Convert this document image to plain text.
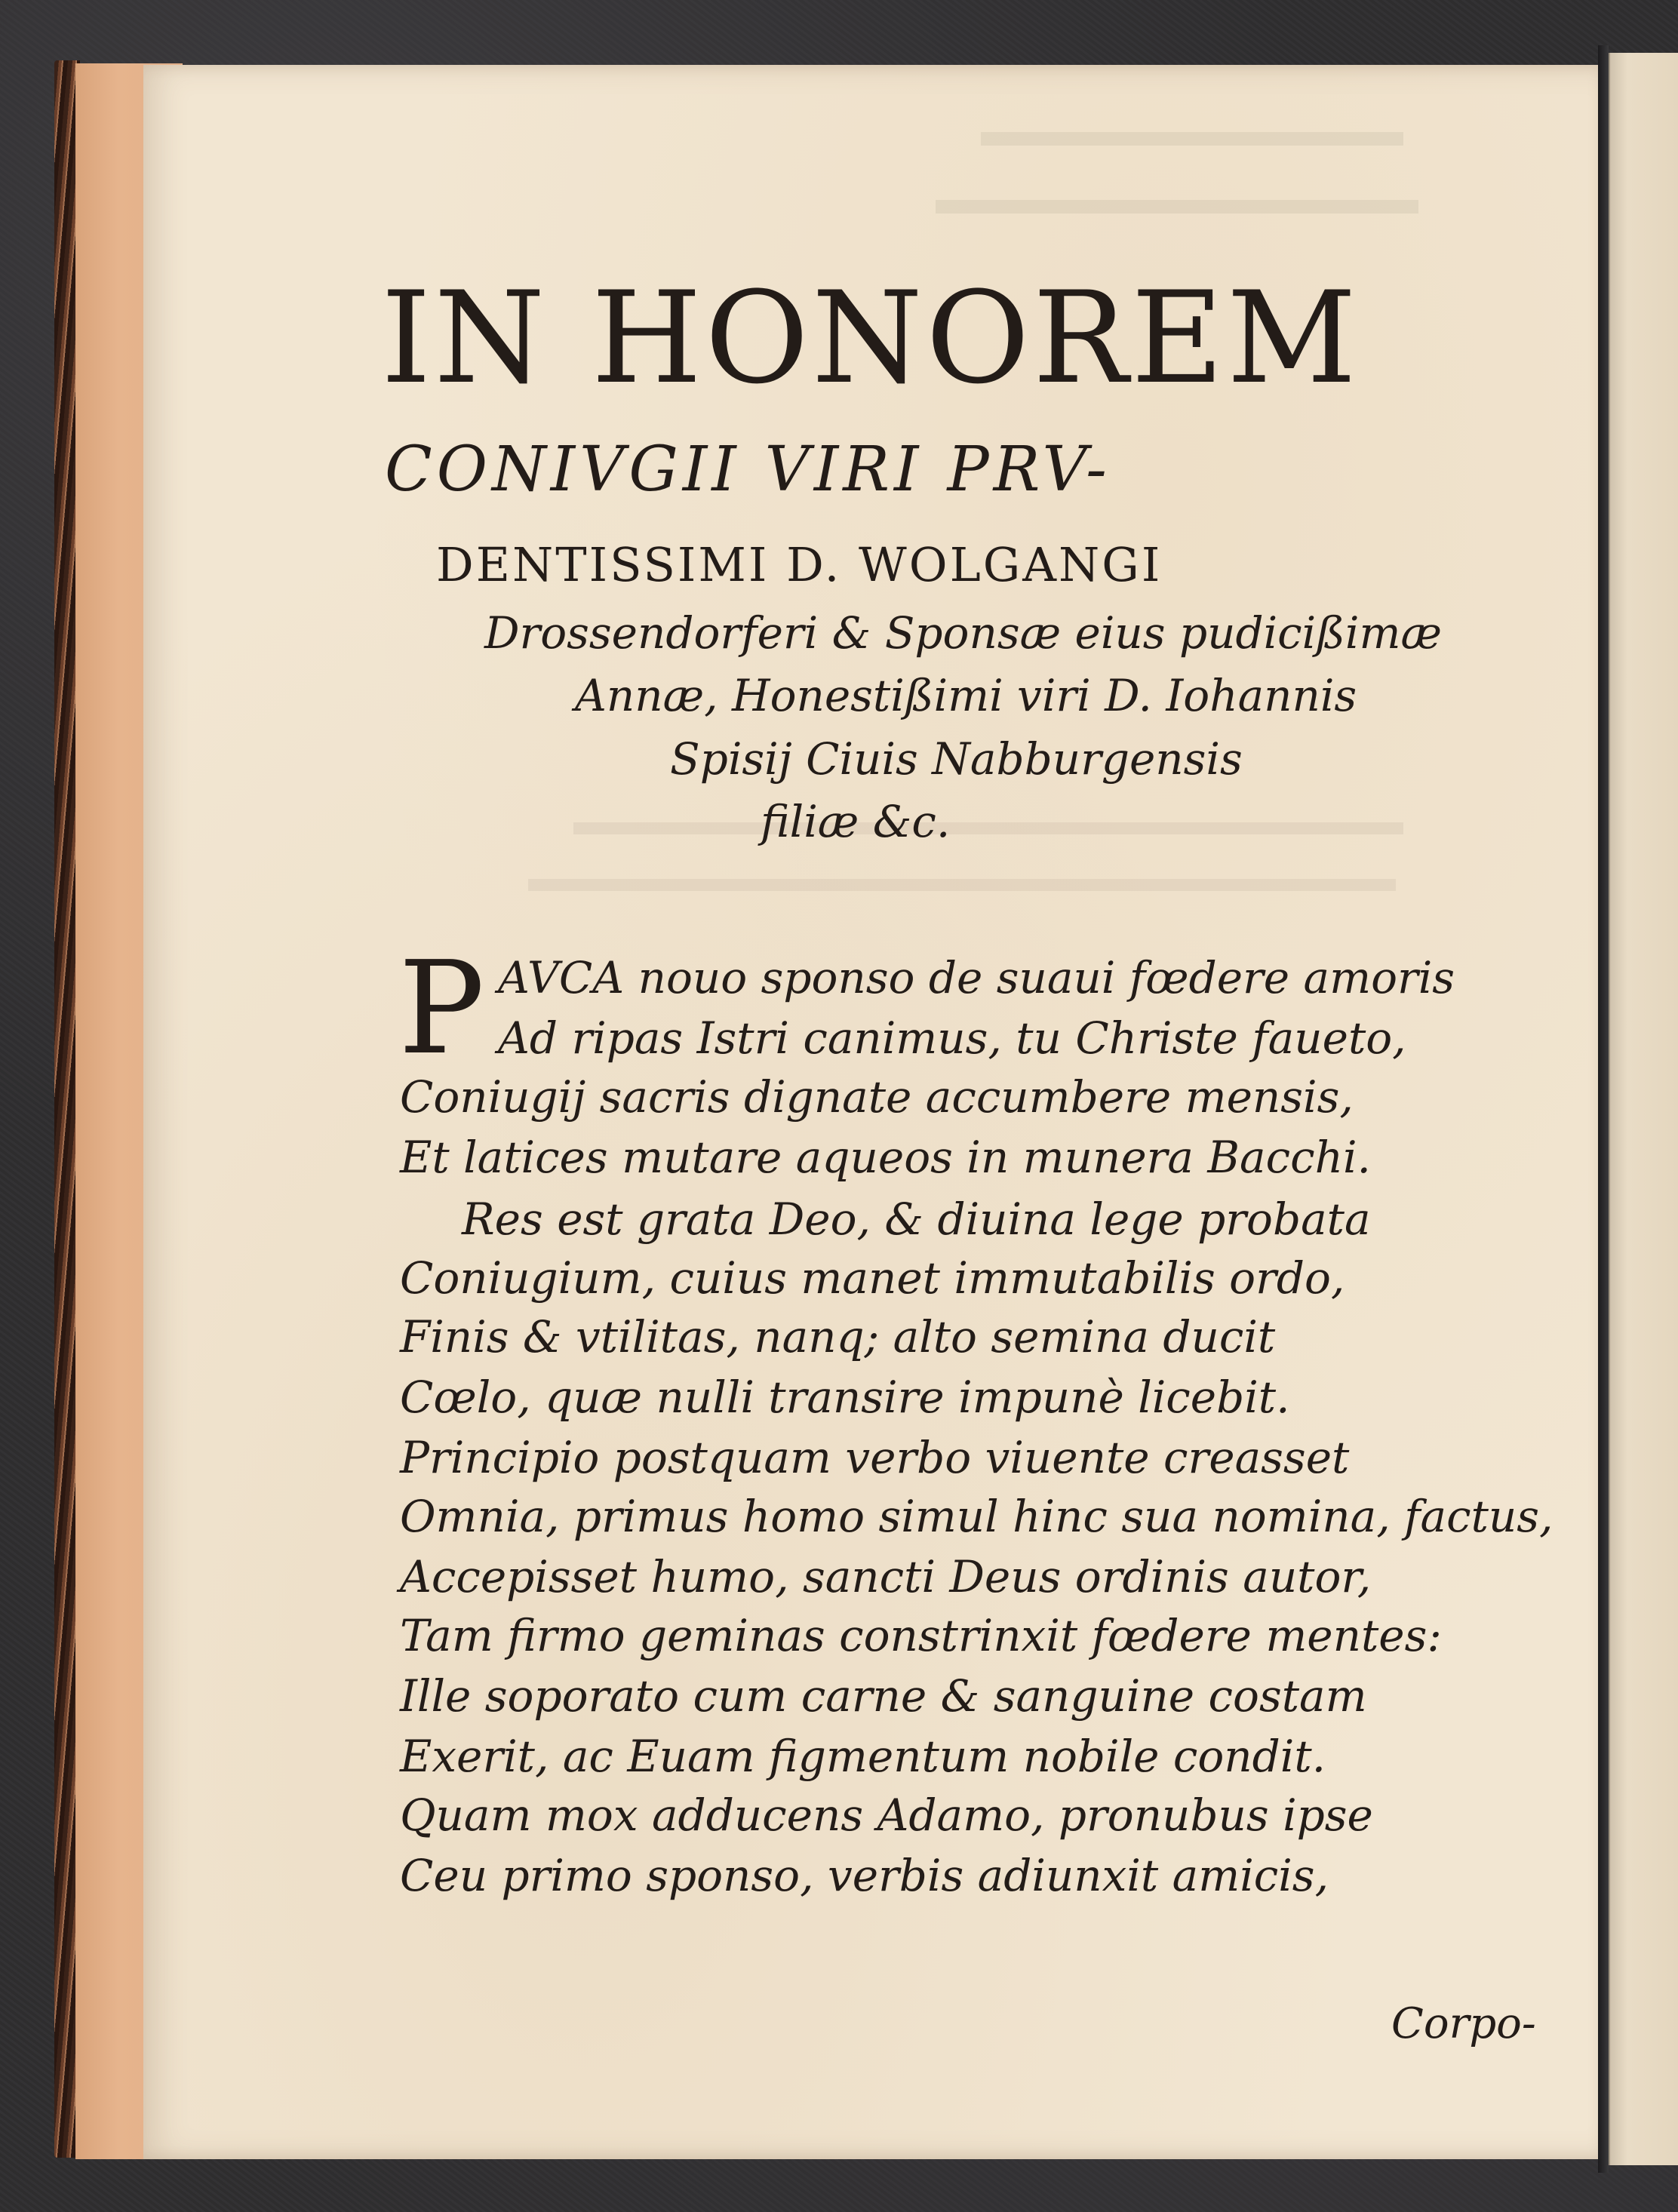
IN HONOREM
CONIVGII VIRI PRV-
DENTISSIMI D. WOLGANGI
Drossendorferi & Sponsæ eius pudicißimæ
Annæ, Honestißimi viri D. Iohannis
Spisij Ciuis Nabburgensis
filiæ &c.
P AVCA nouo sponso de suaui fœdere amoris
Ad ripas Istri canimus, tu Christe faueto,
Coniugij sacris dignate accumbere mensis,
Et latices mutare aqueos in munera Bacchi.
Res est grata Deo, & diuina lege probata
Coniugium, cuius manet immutabilis ordo,
Finis & vtilitas, nanq; alto semina ducit
Cœlo, quæ nulli transire impunè licebit.
Principio postquam verbo viuente creasset
Omnia, primus homo simul hinc sua nomina, factus,
Accepisset humo, sancti Deus ordinis autor,
Tam firmo geminas constrinxit fœdere mentes:
Ille soporato cum carne & sanguine costam
Exerit, ac Euam figmentum nobile condit.
Quam mox adducens Adamo, pronubus ipse
Ceu primo sponso, verbis adiunxit amicis,
Corpo-
